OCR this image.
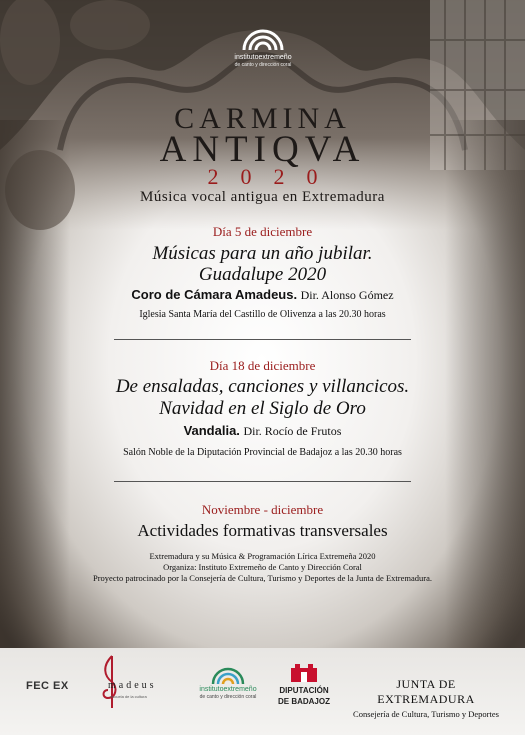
institutoextremeño
de canto y dirección coral
CARMINA
ANTIQVA
2020
Música vocal antigua en Extremadura
Día 5 de diciembre
Músicas para un año jubilar.
Guadalupe 2020
Coro de Cámara Amadeus. Dir. Alonso Gómez
Iglesia Santa María del Castillo de Olivenza a las 20.30 horas
Día 18 de diciembre
De ensaladas, canciones y villancicos.
Navidad en el Siglo de Oro
Vandalia. Dir. Rocío de Frutos
Salón Noble de la Diputación Provincial de Badajoz a las 20.30 horas
Noviembre - diciembre
Actividades formativas transversales
Extremadura y su Música & Programación Lírica Extremeña 2020
Organiza: Instituto Extremeño de Canto y Dirección Coral
Proyecto patrocinado por la Consejería de Cultura, Turismo y Deportes de la Junta de Extremadura.
FEC EX	madeus
escuela de la cultura
institutoextremeño
de canto y dirección coral
DIPUTACIÓN
DE BADAJOZ
JUNTA DE EXTREMADURA
Consejería de Cultura, Turismo y Deportes
